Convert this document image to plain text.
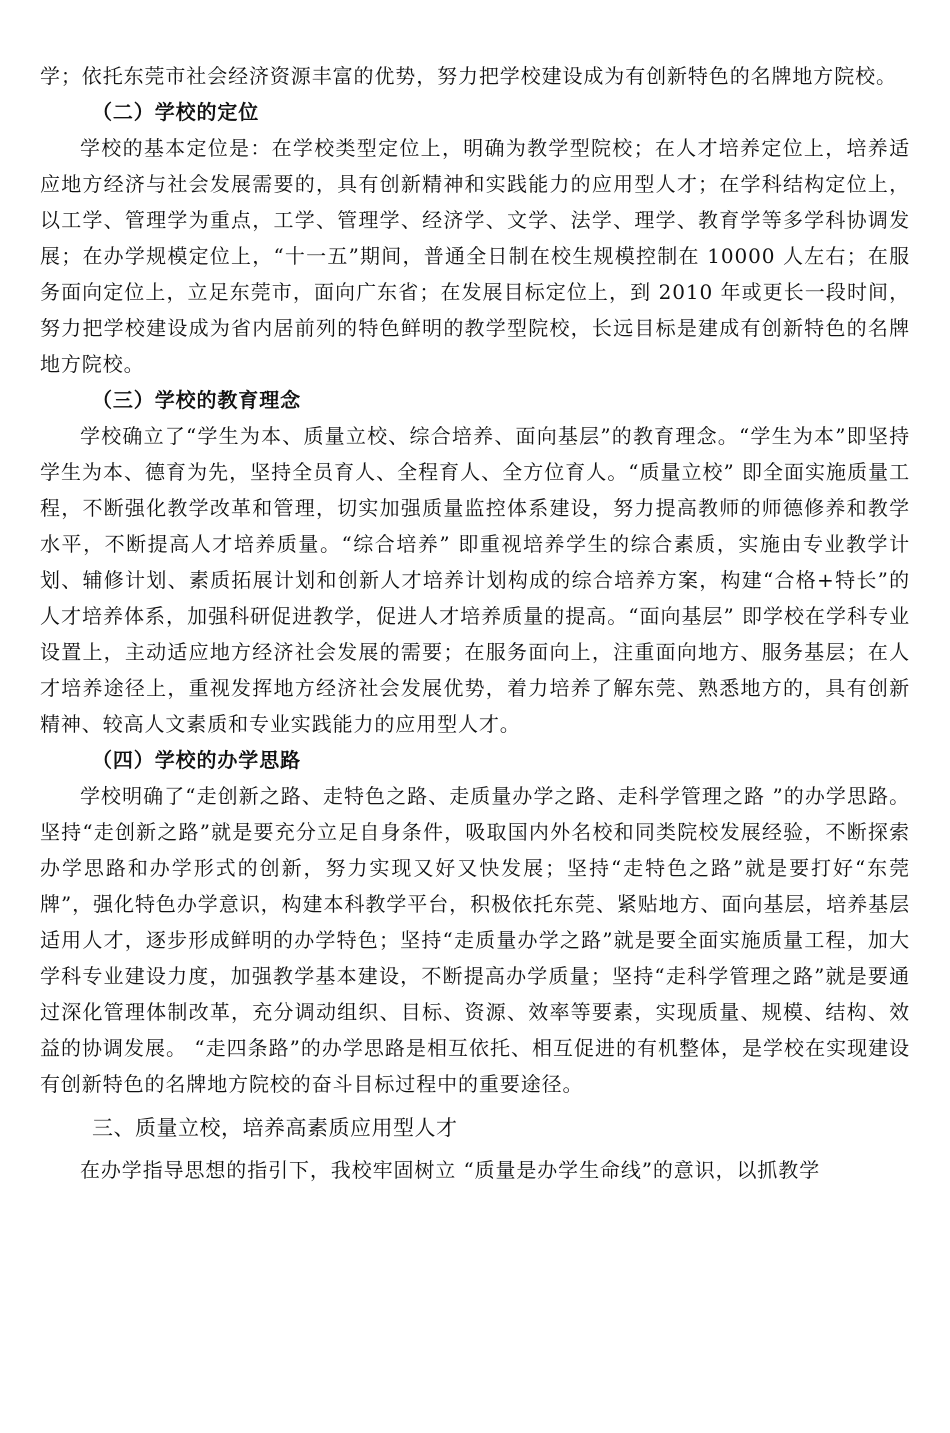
学；依托东莞市社会经济资源丰富的优势，努力把学校建设成为有创新特色的名牌地方院校。

（二）学校的定位

学校的基本定位是：在学校类型定位上，明确为教学型院校；在人才培养定位上，培养适应地方经济与社会发展需要的，具有创新精神和实践能力的应用型人才；在学科结构定位上，以工学、管理学为重点，工学、管理学、经济学、文学、法学、理学、教育学等多学科协调发展；在办学规模定位上，“十一五”期间，普通全日制在校生规模控制在 10000 人左右；在服务面向定位上，立足东莞市，面向广东省；在发展目标定位上，到 2010 年或更长一段时间，努力把学校建设成为省内居前列的特色鲜明的教学型院校，长远目标是建成有创新特色的名牌地方院校。

（三）学校的教育理念

学校确立了“学生为本、质量立校、综合培养、面向基层”的教育理念。“学生为本”即坚持学生为本、德育为先，坚持全员育人、全程育人、全方位育人。“质量立校” 即全面实施质量工程，不断强化教学改革和管理，切实加强质量监控体系建设，努力提高教师的师德修养和教学水平，不断提高人才培养质量。“综合培养” 即重视培养学生的综合素质，实施由专业教学计划、辅修计划、素质拓展计划和创新人才培养计划构成的综合培养方案，构建“合格+特长”的人才培养体系，加强科研促进教学，促进人才培养质量的提高。“面向基层” 即学校在学科专业设置上，主动适应地方经济社会发展的需要；在服务面向上，注重面向地方、服务基层；在人才培养途径上，重视发挥地方经济社会发展优势，着力培养了解东莞、熟悉地方的，具有创新精神、较高人文素质和专业实践能力的应用型人才。

（四）学校的办学思路

学校明确了“走创新之路、走特色之路、走质量办学之路、走科学管理之路 ”的办学思路。坚持“走创新之路”就是要充分立足自身条件，吸取国内外名校和同类院校发展经验，不断探索办学思路和办学形式的创新，努力实现又好又快发展；坚持“走特色之路”就是要打好“东莞牌”，强化特色办学意识，构建本科教学平台，积极依托东莞、紧贴地方、面向基层，培养基层适用人才，逐步形成鲜明的办学特色；坚持“走质量办学之路”就是要全面实施质量工程，加大学科专业建设力度，加强教学基本建设，不断提高办学质量；坚持“走科学管理之路”就是要通过深化管理体制改革，充分调动组织、目标、资源、效率等要素，实现质量、规模、结构、效益的协调发展。 “走四条路”的办学思路是相互依托、相互促进的有机整体，是学校在实现建设有创新特色的名牌地方院校的奋斗目标过程中的重要途径。

三、质量立校，培养高素质应用型人才

在办学指导思想的指引下，我校牢固树立 “质量是办学生命线”的意识，以抓教学
